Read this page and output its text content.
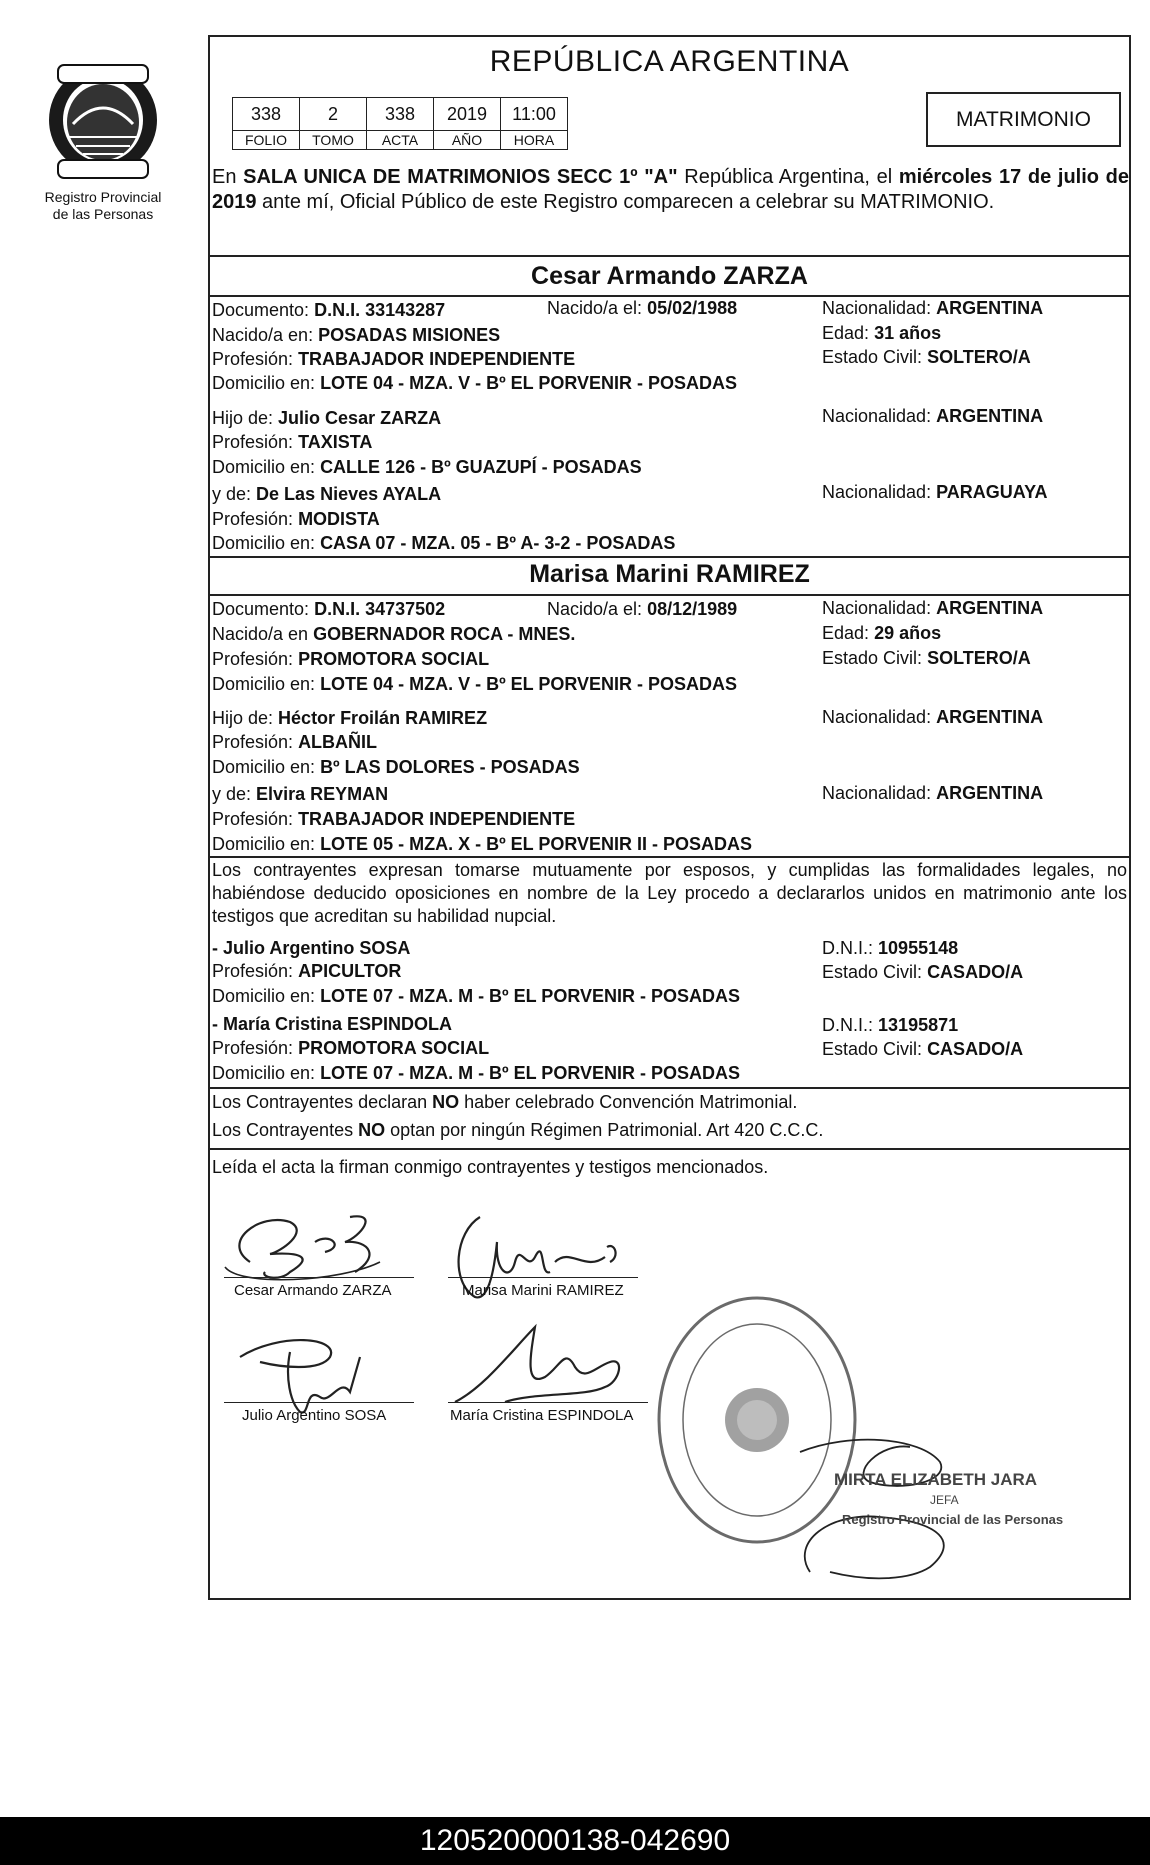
Registro Provincial
de las Personas
REPÚBLICA ARGENTINA
338	2	338	2019	11:00
FOLIO	TOMO	ACTA	AÑO	HORA
MATRIMONIO
En SALA UNICA DE MATRIMONIOS SECC 1º "A" República Argentina, el miércoles 17 de julio de 2019 ante mí, Oficial Público de este Registro comparecen a celebrar su MATRIMONIO.
Cesar Armando ZARZA
Documento: D.N.I. 33143287	Nacido/a el: 05/02/1988	Nacionalidad: ARGENTINA
Nacido/a en: POSADAS MISIONES	Edad: 31 años
Profesión: TRABAJADOR INDEPENDIENTE	Estado Civil: SOLTERO/A
Domicilio en: LOTE 04 - MZA. V - Bº EL PORVENIR - POSADAS
Hijo de: Julio Cesar ZARZA	Nacionalidad: ARGENTINA
Profesión: TAXISTA
Domicilio en: CALLE 126 - Bº GUAZUPÍ - POSADAS
y de: De Las Nieves AYALA	Nacionalidad: PARAGUAYA
Profesión: MODISTA
Domicilio en: CASA 07 - MZA. 05 - Bº A- 3-2 - POSADAS
Marisa Marini RAMIREZ
Documento: D.N.I. 34737502	Nacido/a el: 08/12/1989	Nacionalidad: ARGENTINA
Nacido/a en GOBERNADOR ROCA - MNES.	Edad: 29 años
Profesión: PROMOTORA SOCIAL	Estado Civil: SOLTERO/A
Domicilio en: LOTE 04 - MZA. V - Bº EL PORVENIR - POSADAS
Hijo de: Héctor Froilán RAMIREZ	Nacionalidad: ARGENTINA
Profesión: ALBAÑIL
Domicilio en: Bº LAS DOLORES - POSADAS
y de: Elvira REYMAN	Nacionalidad: ARGENTINA
Profesión: TRABAJADOR INDEPENDIENTE
Domicilio en: LOTE 05 - MZA. X - Bº EL PORVENIR II - POSADAS
Los contrayentes expresan tomarse mutuamente por esposos, y cumplidas las formalidades legales, no habiéndose deducido oposiciones en nombre de la Ley procedo a declararlos unidos en matrimonio ante los testigos que acreditan su habilidad nupcial.
- Julio Argentino SOSA	D.N.I.: 10955148
Profesión: APICULTOR	Estado Civil: CASADO/A
Domicilio en: LOTE 07 - MZA. M - Bº EL PORVENIR - POSADAS
- María Cristina ESPINDOLA	D.N.I.: 13195871
Profesión: PROMOTORA SOCIAL	Estado Civil: CASADO/A
Domicilio en: LOTE 07 - MZA. M - Bº EL PORVENIR - POSADAS
Los Contrayentes declaran NO haber celebrado Convención Matrimonial.
Los Contrayentes NO optan por ningún Régimen Patrimonial. Art 420 C.C.C.
Leída el acta la firman conmigo contrayentes y testigos mencionados.
Cesar Armando ZARZA	Marisa Marini RAMIREZ
Julio Argentino SOSA	María Cristina ESPINDOLA
MIRTA ELIZABETH JARA
JEFA
Registro Provincial de las Personas
120520000138-042690
